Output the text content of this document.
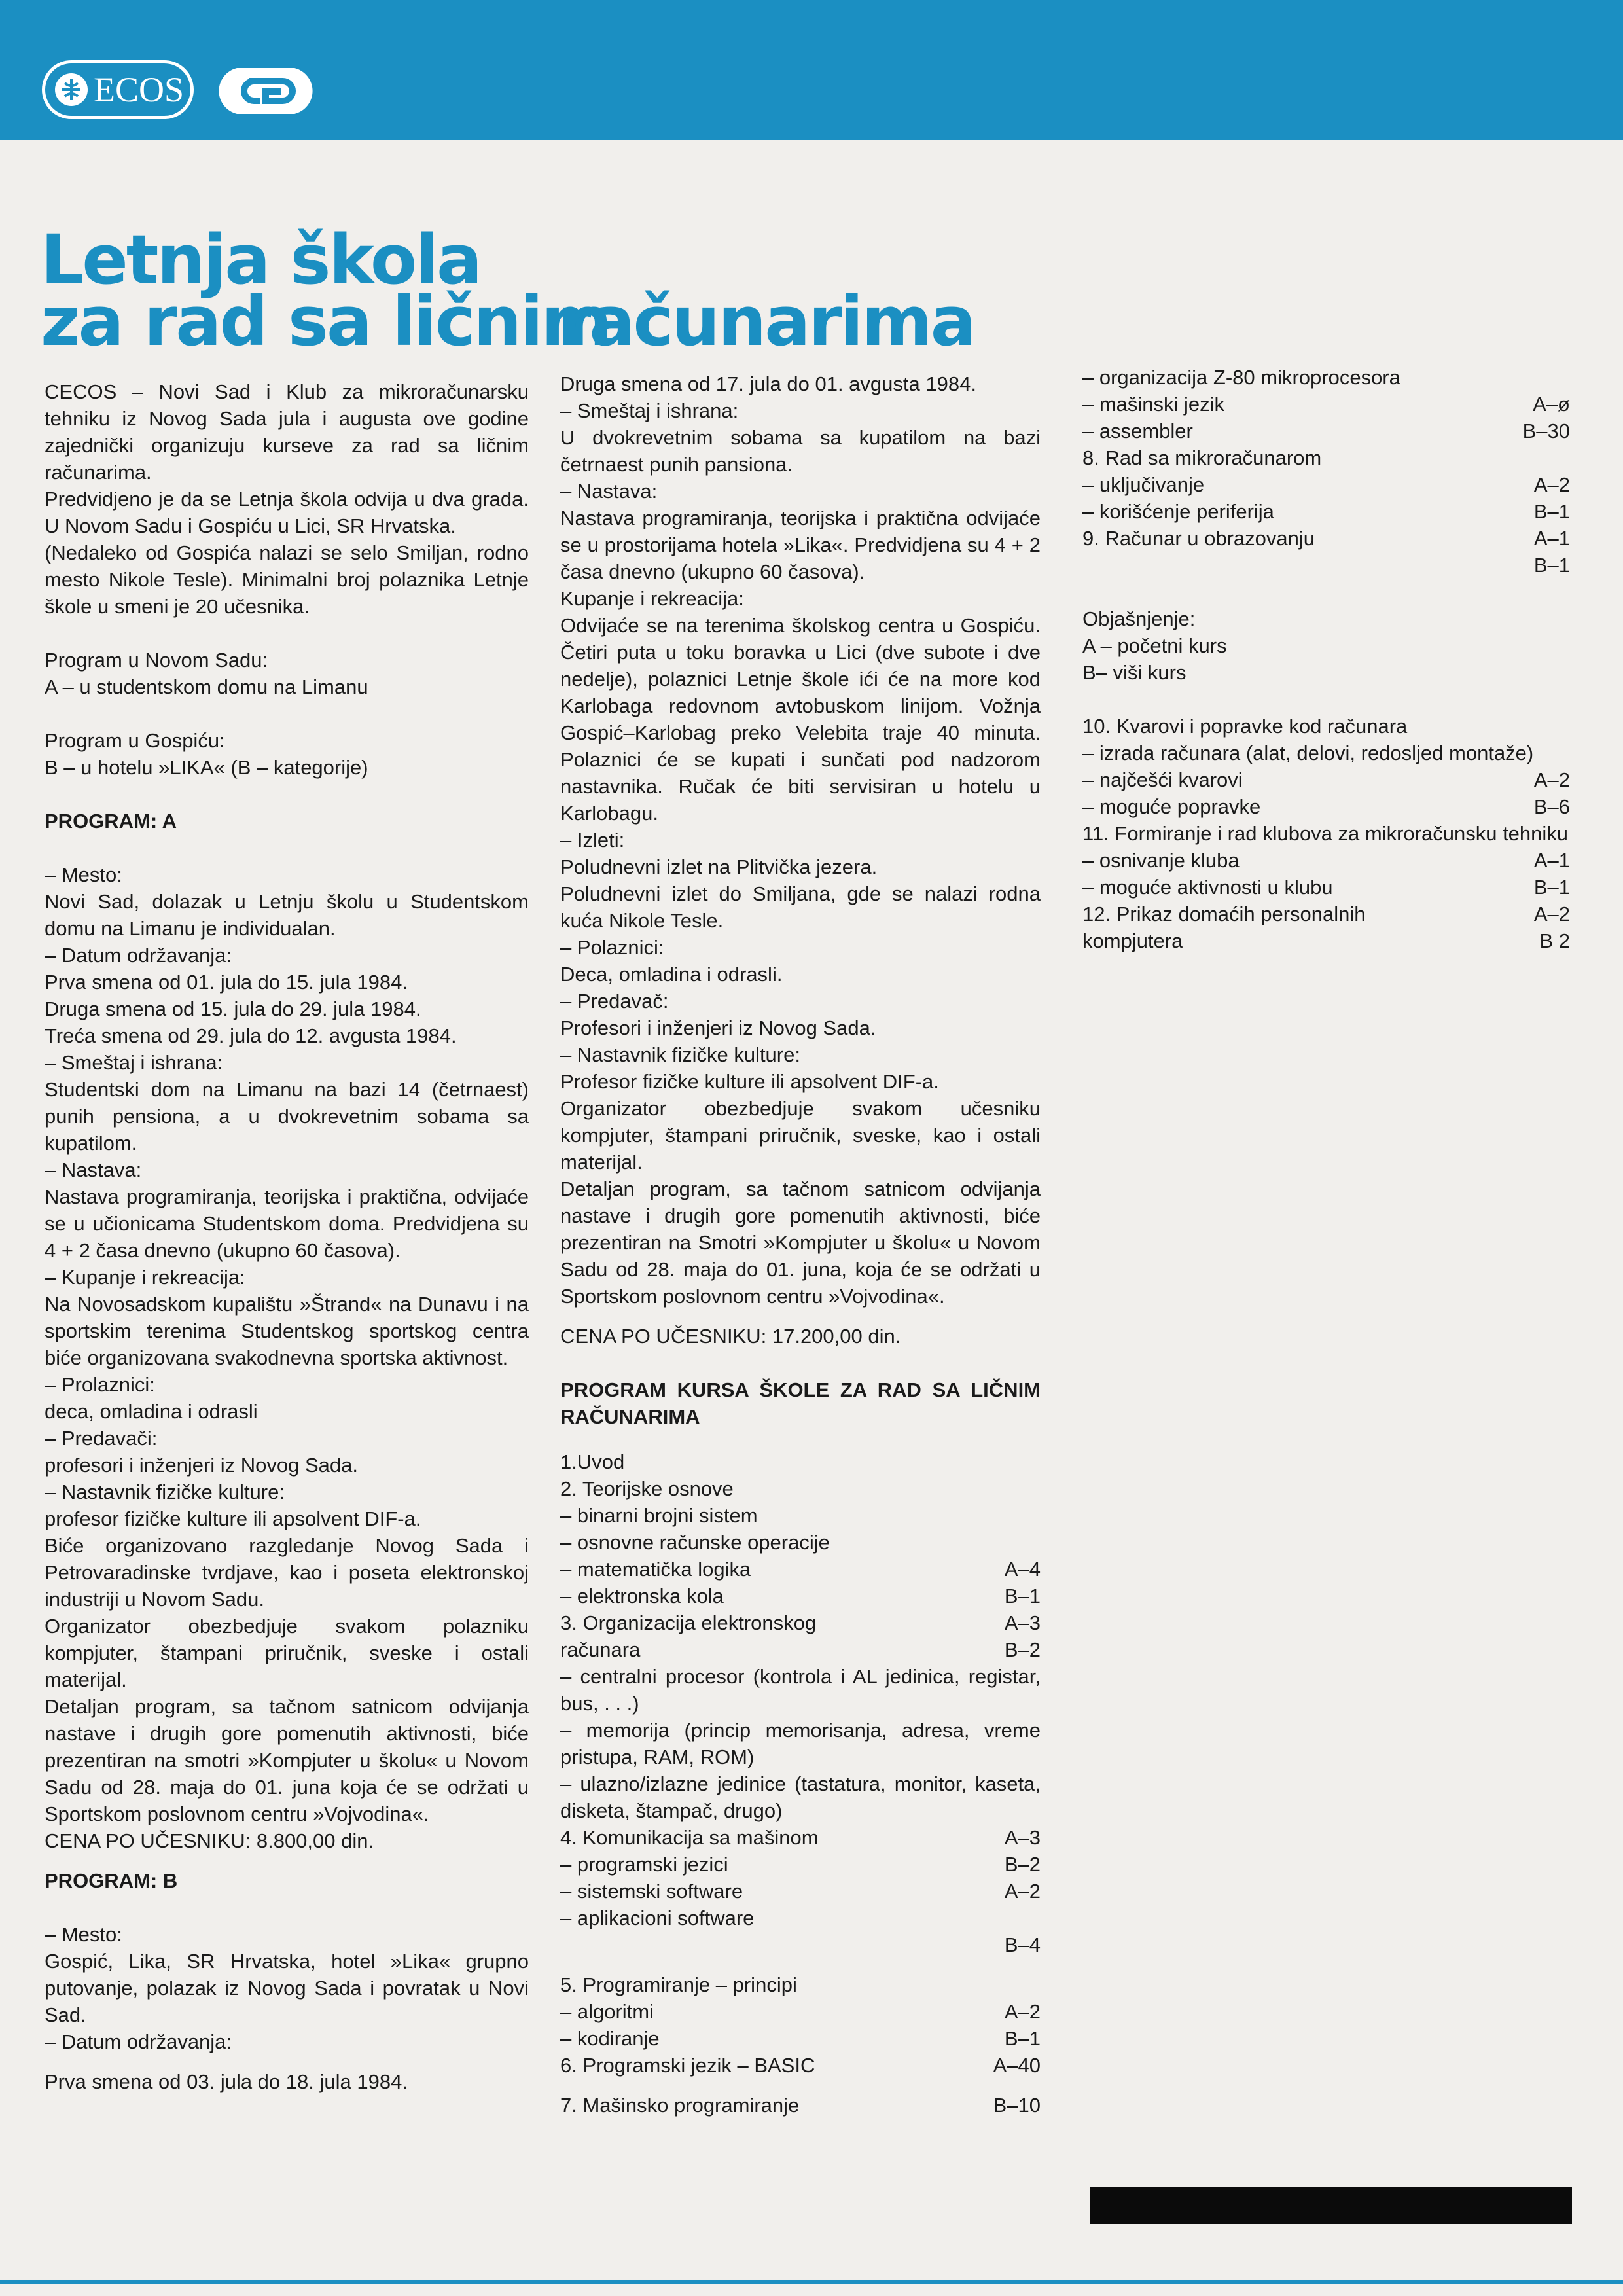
ECOS
Letnja škola
za rad sa ličnim
računarima

CECOS – Novi Sad i Klub za mikroračunarsku tehniku iz Novog Sada jula i augusta ove godine zajednički organizuju kurseve za rad sa ličnim računarima.

Predvidjeno je da se Letnja škola odvija u dva grada. U Novom Sadu i Gospiću u Lici, SR Hrvatska.

(Nedaleko od Gospića nalazi se selo Smiljan, rodno mesto Nikole Tesle). Minimalni broj polaznika Letnje škole u smeni je 20 učesnika.

Program u Novom Sadu:

A – u studentskom domu na Limanu

Program u Gospiću:

B – u hotelu »LIKA« (B – kategorije)

PROGRAM: A

– Mesto:

Novi Sad, dolazak u Letnju školu u Studentskom domu na Limanu je individualan.

– Datum održavanja:

Prva smena od 01. jula do 15. jula 1984.

Druga smena od 15. jula do 29. jula 1984.

Treća smena od 29. jula do 12. avgusta 1984.

– Smeštaj i ishrana:

Studentski dom na Limanu na bazi 14 (četrnaest) punih pensiona, a u dvokrevetnim sobama sa kupatilom.

– Nastava:

Nastava programiranja, teorijska i praktična, odvijaće se u učionicama Studentskom doma. Predvidjena su 4 + 2 časa dnevno (ukupno 60 časova).

– Kupanje i rekreacija:

Na Novosadskom kupalištu »Štrand« na Dunavu i na sportskim terenima Studentskog sportskog centra biće organizovana svakodnevna sportska aktivnost.

– Prolaznici:

deca, omladina i odrasli

– Predavači:

profesori i inženjeri iz Novog Sada.

– Nastavnik fizičke kulture:

profesor fizičke kulture ili apsolvent DIF-a.

Biće organizovano razgledanje Novog Sada i Petrovaradinske tvrdjave, kao i poseta elektronskoj industriji u Novom Sadu.

Organizator obezbedjuje svakom polazniku kompjuter, štampani priručnik, sveske i ostali materijal.

Detaljan program, sa tačnom satnicom odvijanja nastave i drugih gore pomenutih aktivnosti, biće prezentiran na smotri »Kompjuter u školu« u Novom Sadu od 28. maja do 01. juna koja će se održati u Sportskom poslovnom centru »Vojvodina«.

CENA PO UČESNIKU: 8.800,00 din.

PROGRAM: B

– Mesto:

Gospić, Lika, SR Hrvatska, hotel »Lika« grupno putovanje, polazak iz Novog Sada i povratak u Novi Sad.

– Datum održavanja:

Prva smena od 03. jula do 18. jula 1984.

Druga smena od 17. jula do 01. avgusta 1984.

– Smeštaj i ishrana:

U dvokrevetnim sobama sa kupatilom na bazi četrnaest punih pansiona.

– Nastava:

Nastava programiranja, teorijska i praktična odvijaće se u prostorijama hotela »Lika«. Predvidjena su 4 + 2 časa dnevno (ukupno 60 časova).

Kupanje i rekreacija:

Odvijaće se na terenima školskog centra u Gospiću. Četiri puta u toku boravka u Lici (dve subote i dve nedelje), polaznici Letnje škole ići će na more kod Karlobaga redovnom avtobuskom linijom. Vožnja Gospić–Karlobag preko Velebita traje 40 minuta. Polaznici će se kupati i sunčati pod nadzorom nastavnika. Ručak će biti servisiran u hotelu u Karlobagu.

– Izleti:

Poludnevni izlet na Plitvička jezera.

Poludnevni izlet do Smiljana, gde se nalazi rodna kuća Nikole Tesle.

– Polaznici:

Deca, omladina i odrasli.

– Predavač:

Profesori i inženjeri iz Novog Sada.

– Nastavnik fizičke kulture:

Profesor fizičke kulture ili apsolvent DIF-a.

Organizator obezbedjuje svakom učesniku kompjuter, štampani priručnik, sveske, kao i ostali materijal.

Detaljan program, sa tačnom satnicom odvijanja nastave i drugih gore pomenutih aktivnosti, biće prezentiran na Smotri »Kompjuter u školu« u Novom Sadu od 28. maja do 01. juna, koja će se održati u Sportskom poslovnom centru »Vojvodina«.

CENA PO UČESNIKU: 17.200,00 din.

PROGRAM KURSA ŠKOLE ZA RAD SA LIČNIM RAČUNARIMA

1.Uvod
2. Teorijske osnove
– binarni brojni sistem
– osnovne računske operacije
– matematička logika	A–4
– elektronska kola	B–1
3. Organizacija elektronskog	A–3
računara	B–2

– centralni procesor (kontrola i AL jedinica, registar, bus, . . .)

– memorija (princip memorisanja, adresa, vreme pristupa, RAM, ROM)

– ulazno/izlazne jedinice (tastatura, monitor, kaseta, disketa, štampač, drugo)

4. Komunikacija sa mašinom	A–3
– programski jezici	B–2
– sistemski software	A–2
– aplikacioni software
B–4
5. Programiranje – principi
– algoritmi	A–2
– kodiranje	B–1
6. Programski jezik – BASIC	A–40
7. Mašinsko programiranje	B–10
– organizacija Z-80 mikroprocesora
– mašinski jezik	A–ø
– assembler	B–30
8. Rad sa mikroračunarom
– uključivanje	A–2
– korišćenje periferija	B–1
9. Računar u obrazovanju	A–1
B–1

Objašnjenje:

A – početni kurs

B– viši kurs

10. Kvarovi i popravke kod računara

– izrada računara (alat, delovi, redosljed montaže)

– najčešći kvarovi	A–2
– moguće popravke	B–6

11. Formiranje i rad klubova za mikroračunsku tehniku

– osnivanje kluba	A–1
– moguće aktivnosti u klubu	B–1
12. Prikaz domaćih personalnih	A–2
kompjutera	B 2
